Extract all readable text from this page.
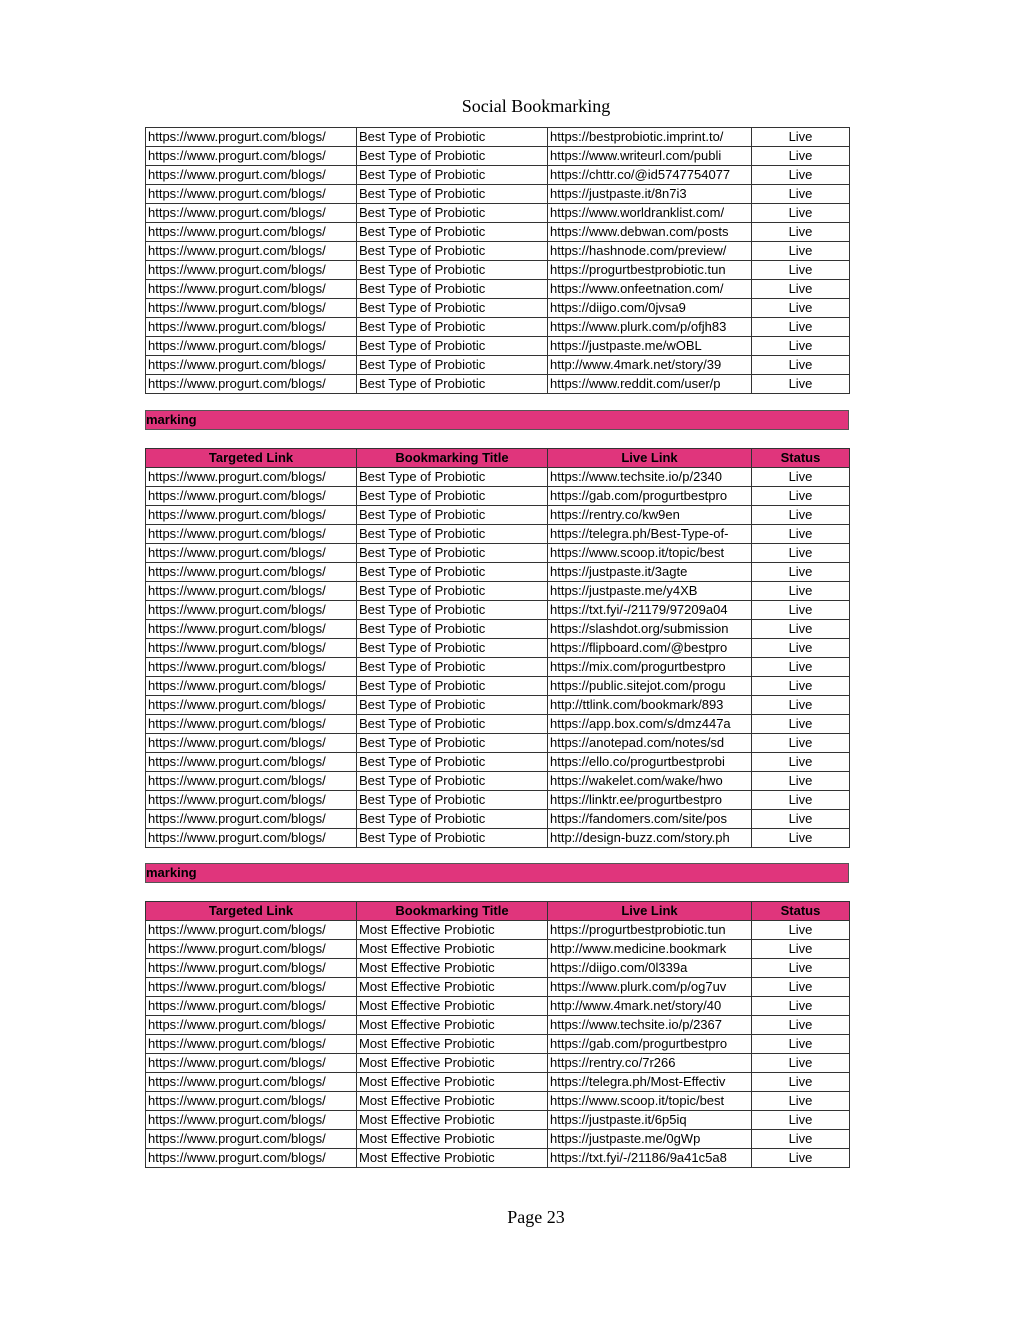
Social Bookmarking
https://www.progurt.com/blogs/	Best Type of Probiotic	https://bestprobiotic.imprint.to/	Live
https://www.progurt.com/blogs/	Best Type of Probiotic	https://www.writeurl.com/publi	Live
https://www.progurt.com/blogs/	Best Type of Probiotic	https://chttr.co/@id5747754077	Live
https://www.progurt.com/blogs/	Best Type of Probiotic	https://justpaste.it/8n7i3	Live
https://www.progurt.com/blogs/	Best Type of Probiotic	https://www.worldranklist.com/	Live
https://www.progurt.com/blogs/	Best Type of Probiotic	https://www.debwan.com/posts	Live
https://www.progurt.com/blogs/	Best Type of Probiotic	https://hashnode.com/preview/	Live
https://www.progurt.com/blogs/	Best Type of Probiotic	https://progurtbestprobiotic.tun	Live
https://www.progurt.com/blogs/	Best Type of Probiotic	https://www.onfeetnation.com/	Live
https://www.progurt.com/blogs/	Best Type of Probiotic	https://diigo.com/0jvsa9	Live
https://www.progurt.com/blogs/	Best Type of Probiotic	https://www.plurk.com/p/ofjh83	Live
https://www.progurt.com/blogs/	Best Type of Probiotic	https://justpaste.me/wOBL	Live
https://www.progurt.com/blogs/	Best Type of Probiotic	http://www.4mark.net/story/39	Live
https://www.progurt.com/blogs/	Best Type of Probiotic	https://www.reddit.com/user/p	Live
marking
Targeted Link	Bookmarking Title	Live Link	Status
https://www.progurt.com/blogs/	Best Type of Probiotic	https://www.techsite.io/p/2340	Live
https://www.progurt.com/blogs/	Best Type of Probiotic	https://gab.com/progurtbestpro	Live
https://www.progurt.com/blogs/	Best Type of Probiotic	https://rentry.co/kw9en	Live
https://www.progurt.com/blogs/	Best Type of Probiotic	https://telegra.ph/Best-Type-of-	Live
https://www.progurt.com/blogs/	Best Type of Probiotic	https://www.scoop.it/topic/best	Live
https://www.progurt.com/blogs/	Best Type of Probiotic	https://justpaste.it/3agte	Live
https://www.progurt.com/blogs/	Best Type of Probiotic	https://justpaste.me/y4XB	Live
https://www.progurt.com/blogs/	Best Type of Probiotic	https://txt.fyi/-/21179/97209a04	Live
https://www.progurt.com/blogs/	Best Type of Probiotic	https://slashdot.org/submission	Live
https://www.progurt.com/blogs/	Best Type of Probiotic	https://flipboard.com/@bestpro	Live
https://www.progurt.com/blogs/	Best Type of Probiotic	https://mix.com/progurtbestpro	Live
https://www.progurt.com/blogs/	Best Type of Probiotic	https://public.sitejot.com/progu	Live
https://www.progurt.com/blogs/	Best Type of Probiotic	http://ttlink.com/bookmark/893	Live
https://www.progurt.com/blogs/	Best Type of Probiotic	https://app.box.com/s/dmz447a	Live
https://www.progurt.com/blogs/	Best Type of Probiotic	https://anotepad.com/notes/sd	Live
https://www.progurt.com/blogs/	Best Type of Probiotic	https://ello.co/progurtbestprobi	Live
https://www.progurt.com/blogs/	Best Type of Probiotic	https://wakelet.com/wake/hwo	Live
https://www.progurt.com/blogs/	Best Type of Probiotic	https://linktr.ee/progurtbestpro	Live
https://www.progurt.com/blogs/	Best Type of Probiotic	https://fandomers.com/site/pos	Live
https://www.progurt.com/blogs/	Best Type of Probiotic	http://design-buzz.com/story.ph	Live
marking
Targeted Link	Bookmarking Title	Live Link	Status
https://www.progurt.com/blogs/	Most Effective Probiotic	https://progurtbestprobiotic.tun	Live
https://www.progurt.com/blogs/	Most Effective Probiotic	http://www.medicine.bookmark	Live
https://www.progurt.com/blogs/	Most Effective Probiotic	https://diigo.com/0l339a	Live
https://www.progurt.com/blogs/	Most Effective Probiotic	https://www.plurk.com/p/og7uv	Live
https://www.progurt.com/blogs/	Most Effective Probiotic	http://www.4mark.net/story/40	Live
https://www.progurt.com/blogs/	Most Effective Probiotic	https://www.techsite.io/p/2367	Live
https://www.progurt.com/blogs/	Most Effective Probiotic	https://gab.com/progurtbestpro	Live
https://www.progurt.com/blogs/	Most Effective Probiotic	https://rentry.co/7r266	Live
https://www.progurt.com/blogs/	Most Effective Probiotic	https://telegra.ph/Most-Effectiv	Live
https://www.progurt.com/blogs/	Most Effective Probiotic	https://www.scoop.it/topic/best	Live
https://www.progurt.com/blogs/	Most Effective Probiotic	https://justpaste.it/6p5iq	Live
https://www.progurt.com/blogs/	Most Effective Probiotic	https://justpaste.me/0gWp	Live
https://www.progurt.com/blogs/	Most Effective Probiotic	https://txt.fyi/-/21186/9a41c5a8	Live
Page 23
